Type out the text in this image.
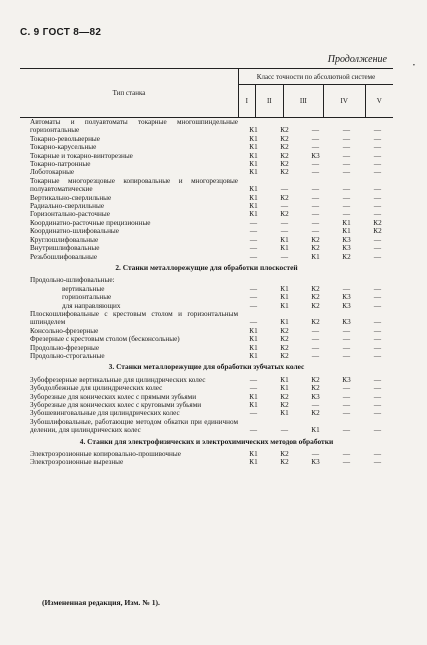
С. 9 ГОСТ 8—82
Продолжение
•
Тип станка	Класс точности по абсолютной системе				
	I	II	III	IV	V
Автоматы и полуавтоматы токарные многошпиндельные горизонтальные	К1	К2	—	—	—
Токарно-револьверные	К1	К2	—	—	—
Токарно-карусельные	К1	К2	—	—	—
Токарные и токарно-винторезные	К1	К2	К3	—	—
Токарно-патронные	К1	К2	—	—	—
Лоботокарные	К1	К2	—	—	—
Токарные многорезцовые копировальные и многорезцовые полуавтоматические	К1	—	—	—	—
Вертикально-сверлильные	К1	К2	—	—	—
Радиально-сверлильные	К1	—	—	—	—
Горизонтально-расточные	К1	К2	—	—	—
Координатно-расточные прецизионные	—	—	—	К1	К2
Координатно-шлифовальные	—	—	—	К1	К2
Круглошлифовальные	—	К1	К2	К3	—
Внутришлифовальные	—	К1	К2	К3	—
Резьбошлифовальные	—	—	К1	К2	—
2. Станки металлорежущие для обработки плоскостей
Продольно-шлифовальные:
вертикальные	—	К1	К2	—	—
горизонтальные	—	К1	К2	К3	—
для направляющих	—	К1	К2	К3	—
Плоскошлифовальные с крестовым столом и горизонтальным шпинделем	—	К1	К2	К3	—
Консольно-фрезерные	К1	К2	—	—	—
Фрезерные с крестовым столом (бесконсольные)	К1	К2	—	—	—
Продольно-фрезерные	К1	К2	—	—	—
Продольно-строгальные	К1	К2	—	—	—
3. Станки металлорежущие для обработки зубчатых колес
Зубофрезерные вертикальные для цилиндрических колес	—	К1	К2	К3	—
Зубодолбежные для цилиндрических колес	—	К1	К2	—	—
Зуборезные для конических колес с прямыми зубьями	К1	К2	К3	—	—
Зуборезные для конических колес с круговыми зубьями	К1	К2	—	—	—
Зубошевинговальные для цилиндрических колес	—	К1	К2	—	—
Зубошлифовальные, работающие методом обкатки при единичном делении, для цилиндрических колес	—	—	К1	—	—
4. Станки для электрофизических и электрохимических методов обработки
Электроэрозионные копировально-прошивочные	К1	К2	—	—	—
Электроэрозионные вырезные	К1	К2	К3	—	—
(Измененная редакция, Изм. № 1).
